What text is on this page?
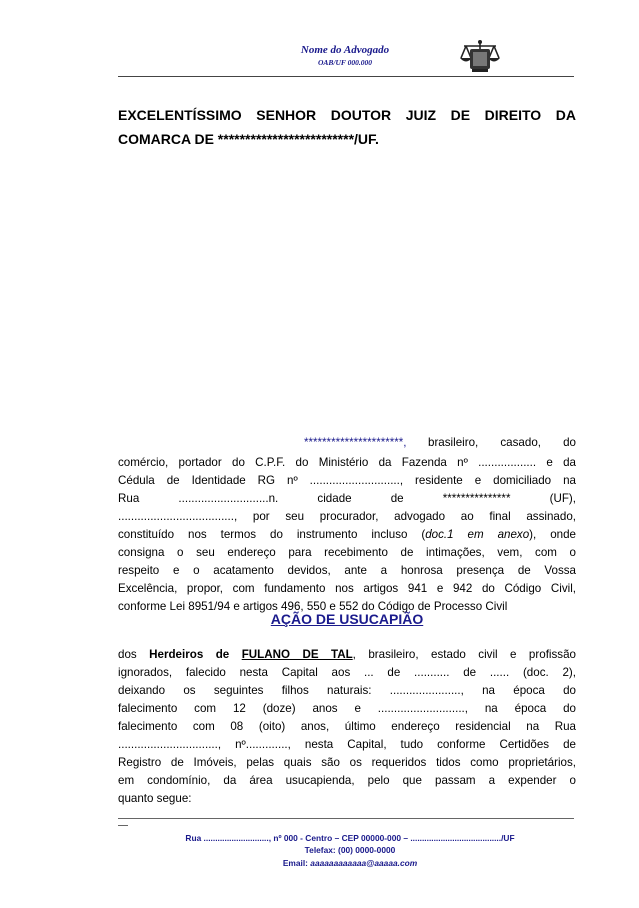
Nome do Advogado
OAB/UF 000.000
EXCELENTÍSSIMO SENHOR DOUTOR JUIZ DE DIREITO DA
COMARCA DE *************************/UF.
**********************, brasileiro, casado, do
comércio, portador do C.P.F. do Ministério da Fazenda nº .................. e da
Cédula de Identidade RG nº ............................, residente e domiciliado na
Rua ............................n. cidade de *************** (UF),
...................................., por seu procurador, advogado ao final assinado,
constituído nos termos do instrumento incluso (doc.1 em anexo), onde
consigna o seu endereço para recebimento de intimações, vem, com o
respeito e o acatamento devidos, ante a honrosa presença de Vossa
Excelência, propor, com fundamento nos artigos 941 e 942 do Código Civil,
conforme Lei 8951/94 e artigos 496, 550 e 552 do Código de Processo Civil
AÇÃO DE USUCAPIÃO
dos Herdeiros de FULANO DE TAL, brasileiro, estado civil e profissão
ignorados, falecido nesta Capital aos ... de ........... de ...... (doc. 2),
deixando os seguintes filhos naturais: ......................, na época do
falecimento com 12 (doze) anos e ..........................., na época do
falecimento com 08 (oito) anos, último endereço residencial na Rua
..............................., nº............., nesta Capital, tudo conforme Certidões de
Registro de Imóveis, pelas quais são os requeridos tidos como proprietários,
em condomínio, da área usucapienda, pelo que passam a expender o
quanto segue:
Rua ............................, nº 000 - Centro – CEP 00000-000 – ......................................./UF
Telefax: (00) 0000-0000
Email: aaaaaaaaaaaa@aaaaa.com
